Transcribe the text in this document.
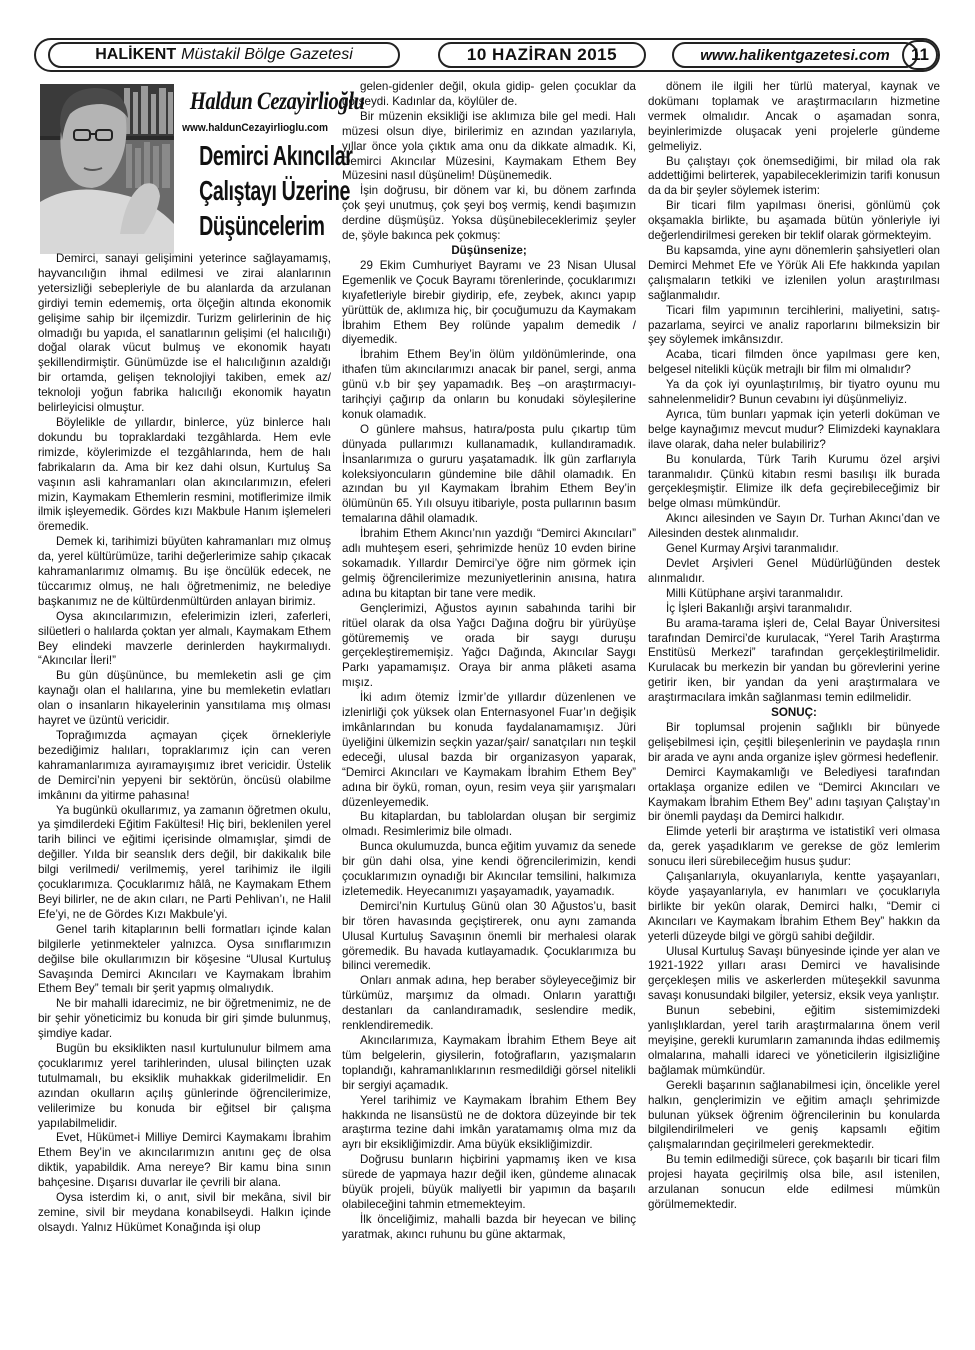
HALİKENT Müstakil Bölge Gazetesi	10 HAZİRAN 2015	www.halikentgazetesi.com	11
Haldun Cezayirlioğlu
www.haldunCezayirlioglu.com
Demirci Akıncılar
Çalıştayı Üzerine
Düşüncelerim

Demirci, sanayi gelişimini yeterince sağlayamamış, hayvancılığın ihmal edilmesi ve zirai alanlarının yetersizliği sebepleriyle de bu alanlarda da arzulanan girdiyi temin edememiş, orta ölçeğin altında ekonomik gelişime sahip bir ilçemizdir. Turizm gelirlerinin de hiç olmadığı bu yapıda, el sanatlarının gelişimi (el halıcılığı) doğal olarak vücut bulmuş ve ekonomik hayatı şekillendirmiştir. Günümüzde ise el halıcılığının azaldığı bir ortamda, gelişen teknolojiyi takiben, emek az/ teknoloji yoğun fabrika halıcılığı ekonomik hayatın belirleyicisi olmuştur.

Böylelikle de yıllardır, binlerce, yüz binlerce halı dokundu bu topraklardaki tezgâhlarda. Hem evle rimizde, köylerimizde el tezgâhlarında, hem de halı fabrikaların da. Ama bir kez dahi olsun, Kurtuluş Sa vaşının asli kahramanları olan akıncılarımızın, efeleri mizin, Kaymakam Ethemlerin resmini, motiflerimize ilmik ilmik işleyemedik. Gördes kızı Makbule Hanım işlemeleri öremedik.

Demek ki, tarihimizi büyüten kahramanları mız olmuş da, yerel kültürümüze, tarihi değerlerimize sahip çıkacak kahramanlarımız olmamış. Bu işe öncülük edecek, ne tüccarımız olmuş, ne halı öğretmenimiz, ne belediye başkanımız ne de kültürdenmültürden anlayan birimiz.

Oysa akıncılarımızın, efelerimizin izleri, zaferleri, silüetleri o halılarda çoktan yer almalı, Kaymakam Ethem Bey elindeki mavzerle derinlerden haykırmalıydı. “Akıncılar İleri!”

Bu gün düşününce, bu memleketin asli ge çim kaynağı olan el halılarına, yine bu memleketin evlatları olan o insanların hikayelerinin yansıtılama mış olması hayret ve üzüntü vericidir.

Toprağımızda açmayan çiçek örnekleriyle bezediğimiz halıları, topraklarımız için can veren kahramanlarımıza ayıramayışımız ibret vericidir. Üstelik de Demirci’nin yepyeni bir sektörün, öncüsü olabilme imkânını da yitirme pahasına!

Ya bugünkü okullarımız, ya zamanın öğretmen okulu, ya şimdilerdeki Eğitim Fakültesi! Hiç biri, beklenilen yerel tarih bilinci ve eğitimi içerisinde olmamışlar, şimdi de değiller. Yılda bir seanslık ders değil, bir dakikalık bile bilgi verilmedi/ verilmemiş, yerel tarihimiz ile ilgili çocuklarımıza. Çocuklarımız hâlâ, ne Kaymakam Ethem Beyi bilirler, ne de akın cıları, ne Parti Pehlivan’ı, ne Halil Efe’yi, ne de Gördes Kızı Makbule’yi.

Genel tarih kitaplarının belli formatları içinde kalan bilgilerle yetinmekteler yalnızca. Oysa sınıflarımızın değilse bile okullarımızın bir köşesine “Ulusal Kurtuluş Savaşında Demirci Akıncıları ve Kaymakam İbrahim Ethem Bey” temalı bir şerit yapmış olmalıydık.

Ne bir mahalli idarecimiz, ne bir öğretmenimiz, ne de bir şehir yöneticimiz bu konuda bir giri şimde bulunmuş, şimdiye kadar.

Bugün bu eksiklikten nasıl kurtulunulur bilmem ama çocuklarımız yerel tarihlerinden, ulusal bilinçten uzak tutulmamalı, bu eksiklik muhakkak giderilmelidir. En azından okulların açılış günlerinde öğrencilerimize, velilerimize bu konuda bir eğitsel bir çalışma yapılabilmelidir.

Evet, Hükümet-i Milliye Demirci Kaymakamı İbrahim Ethem Bey’in ve akıncılarımızın anıtını geç de olsa diktik, yapabildik. Ama nereye? Bir kamu bina sının bahçesine. Dışarısı duvarlar ile çevrili bir alana.

Oysa isterdim ki, o anıt, sivil bir mekâna, sivil bir zemine, sivil bir meydana konabilseydi. Halkın içinde olsaydı. Yalnız Hükümet Konağında işi olup

gelen-gidenler değil, okula gidip- gelen çocuklar da görseydi. Kadınlar da, köylüler de.

Bir müzenin eksikliği ise aklımıza bile gel medi. Halı müzesi olsun diye, birilerimiz en azından yazılarıyla, yıllar önce yola çıktık ama onu da dikkate almadık. Ki, Demirci Akıncılar Müzesini, Kaymakam Ethem Bey Müzesini nasıl düşünelim! Düşünemedik.

İşin doğrusu, bir dönem var ki, bu dönem zarfında çok şeyi unutmuş, çok şeyi boş vermiş, kendi başımızın derdine düşmüşüz. Yoksa düşünebileceklerimiz şeyler de, şöyle bakınca pek çokmuş:

Düşünsenize;

29 Ekim Cumhuriyet Bayramı ve 23 Nisan Ulusal Egemenlik ve Çocuk Bayramı törenlerinde, çocuklarımızı kıyafetleriyle birebir giydirip, efe, zeybek, akıncı yapıp yürüttük de, aklımıza hiç, bir çocuğumuzu da Kaymakam İbrahim Ethem Bey rolünde yapalım demedik / diyemedik.

İbrahim Ethem Bey’in ölüm yıldönümlerinde, ona ithafen tüm akıncılarımızı anacak bir panel, sergi, anma günü v.b bir şey yapamadık. Beş –on araştırmacıyı- tarihçiyi çağırıp da onların bu konudaki söyleşilerine konuk olamadık.

O günlere mahsus, hatıra/posta pulu çıkartıp tüm dünyada pullarımızı kullanamadık, kullandıramadık. İnsanlarımıza o gururu yaşatamadık. İlk gün zarflarıyla koleksiyoncuların gündemine bile dâhil olamadık. En azından bu yıl Kaymakam İbrahim Ethem Bey’in ölümünün 65. Yılı olsuyu itibariyle, posta pullarının basım temalarına dâhil olamadık.

İbrahim Ethem Akıncı’nın yazdığı “Demirci Akıncıları” adlı muhteşem eseri, şehrimizde henüz 10 evden birine sokamadık. Yıllardır Demirci’ye öğre nim görmek için gelmiş öğrencilerimize mezuniyetlerinin anısına, hatıra adına bu kitaptan bir tane vere medik.

Gençlerimizi, Ağustos ayının sabahında tarihi bir ritüel olarak da olsa Yağcı Dağına doğru bir yürüyüşe götürememiş ve orada bir saygı duruşu gerçekleştirememişiz. Yağcı Dağında, Akıncılar Saygı Parkı yapamamışız. Oraya bir anma plâketi asama mışız.

İki adım ötemiz İzmir’de yıllardır düzenlenen ve izlenirliği çok yüksek olan Enternasyonel Fuar’ın değişik imkânlarından bu konuda faydalanamamışız. Jüri üyeliğini ülkemizin seçkin yazar/şair/ sanatçıları nın teşkil edeceği, ulusal bazda bir organizasyon yaparak, “Demirci Akıncıları ve Kaymakam İbrahim Ethem Bey” adına bir öykü, roman, oyun, resim veya şiir yarışmaları düzenleyemedik.

Bu kitaplardan, bu tablolardan oluşan bir sergimiz olmadı. Resimlerimiz bile olmadı.

Bunca okulumuzda, bunca eğitim yuvamız da senede bir gün dahi olsa, yine kendi öğrencilerimizin, kendi çocuklarımızın oynadığı bir Akıncılar temsilini, halkımıza izletemedik. Heyecanımızı yaşayamadık, yayamadık.

Demirci’nin Kurtuluş Günü olan 30 Ağustos’u, basit bir tören havasında geçiştirerek, onu aynı zamanda Ulusal Kurtuluş Savaşının önemli bir merhalesi olarak göremedik. Bu havada kutlayamadık. Çocuklarımıza bu bilinci veremedik.

Onları anmak adına, hep beraber söyleyeceğimiz bir türkümüz, marşımız da olmadı. Onların yarattığı destanları da canlandıramadık, seslendire medik, renklendiremedik.

Akıncılarımıza, Kaymakam İbrahim Ethem Beye ait tüm belgelerin, giysilerin, fotoğrafların, yazışmaların toplandığı, kahramanlıklarının resmedildiği görsel nitelikli bir sergiyi açamadık.

Yerel tarihimiz ve Kaymakam İbrahim Ethem Bey hakkında ne lisansüstü ne de doktora düzeyinde bir tek araştırma tezine dahi imkân yaratamamış olma mız da ayrı bir eksikliğimizdir. Ama büyük eksikliğimizdir.

Doğrusu bunların hiçbirini yapmamış iken ve kısa sürede de yapmaya hazır değil iken, gündeme alınacak büyük projeli, büyük maliyetli bir yapımın da başarılı olabileceğini tahmin etmemekteyim.

İlk önceliğimiz, mahalli bazda bir heyecan ve bilinç yaratmak, akıncı ruhunu bu güne aktarmak,

dönem ile ilgili her türlü materyal, kaynak ve dokümanı toplamak ve araştırmacıların hizmetine vermek olmalıdır. Ancak o aşamadan sonra, beyinlerimizde oluşacak yeni projelerle gündeme gelmeliyiz.

Bu çalıştayı çok önemsediğimi, bir milad ola rak addettiğimi belirterek, yapabileceklerimizin tarifi konusun da da bir şeyler söylemek isterim:

Bir ticari film yapılması önerisi, gönlümü çok okşamakla birlikte, bu aşamada bütün yönleriyle iyi değerlendirilmesi gereken bir teklif olarak görmekteyim.

Bu kapsamda, yine aynı dönemlerin şahsiyetleri olan Demirci Mehmet Efe ve Yörük Ali Efe hakkında yapılan çalışmaların tetkiki ve izlenilen yolun araştırılması sağlanmalıdır.

Ticari film yapımının tercihlerini, maliyetini, satış- pazarlama, seyirci ve analiz raporlarını bilmeksizin bir şey söylemek imkânsızdır.

Acaba, ticari filmden önce yapılması gere ken, belgesel nitelikli küçük metrajlı bir film mi olmalıdır?

Ya da çok iyi oyunlaştırılmış, bir tiyatro oyunu mu sahnelenmelidir? Bunun cevabını iyi düşünmeliyiz.

Ayrıca, tüm bunları yapmak için yeterli doküman ve belge kaynağımız mevcut mudur? Elimizdeki kaynaklara ilave olarak, daha neler bulabiliriz?

Bu konularda, Türk Tarih Kurumu özel arşivi taranmalıdır. Çünkü kitabın resmi basılışı ilk burada gerçekleşmiştir. Elimize ilk defa geçirebileceğimiz bir belge olması mümkündür.

Akıncı ailesinden ve Sayın Dr. Turhan Akıncı’dan ve Ailesinden destek alınmalıdır.

Genel Kurmay Arşivi taranmalıdır.

Devlet Arşivleri Genel Müdürlüğünden destek alınmalıdır.

Milli Kütüphane arşivi taranmalıdır.

İç İşleri Bakanlığı arşivi taranmalıdır.

Bu arama-tarama işleri de, Celal Bayar Üniversitesi tarafından Demirci’de kurulacak, “Yerel Tarih Araştırma Enstitüsü Merkezi” tarafından gerçekleştirilmelidir. Kurulacak bu merkezin bir yandan bu görevlerini yerine getirir iken, bir yandan da yeni araştırmalara ve araştırmacılara imkân sağlanması temin edilmelidir.

SONUÇ:

Bir toplumsal projenin sağlıklı bir bünyede gelişebilmesi için, çeşitli bileşenlerinin ve paydaşla rının bir arada ve aynı anda organize işlev görmesi hedeflenir.

Demirci Kaymakamlığı ve Belediyesi tarafından ortaklaşa organize edilen ve “Demirci Akıncıları ve Kaymakam İbrahim Ethem Bey” adını taşıyan Çalıştay’ın bir önemli paydaşı da Demirci halkıdır.

Elimde yeterli bir araştırma ve istatistikî veri olmasa da, gerek yaşadıklarım ve gerekse de göz lemlerim sonucu ileri sürebileceğim husus şudur:

Çalışanlarıyla, okuyanlarıyla, kentte yaşayanları, köyde yaşayanlarıyla, ev hanımları ve çocuklarıyla birlikte bir yekûn olarak, Demirci halkı, “Demir ci Akıncıları ve Kaymakam İbrahim Ethem Bey” hakkın da yeterli düzeyde bilgi ve görgü sahibi değildir.

Ulusal Kurtuluş Savaşı bünyesinde içinde yer alan ve 1921-1922 yılları arası Demirci ve havalisinde gerçekleşen milis ve askerlerden müteşekkil savunma savaşı konusundaki bilgiler, yetersiz, eksik veya yanlıştır.

Bunun sebebini, eğitim sistemimizdeki yanlışlıklardan, yerel tarih araştırmalarına önem veril meyişine, gerekli kurumların zamanında ihdas edilmemiş olmalarına, mahalli idareci ve yöneticilerin ilgisizliğine bağlamak mümkündür.

Gerekli başarının sağlanabilmesi için, öncelikle yerel halkın, gençlerimizin ve eğitim amaçlı şehrimizde bulunan yüksek öğrenim öğrencilerinin bu konularda bilgilendirilmeleri ve geniş kapsamlı eğitim çalışmalarından geçirilmeleri gerekmektedir.

Bu temin edilmediği sürece, çok başarılı bir ticari film projesi hayata geçirilmiş olsa bile, asıl istenilen, arzulanan sonucun elde edilmesi mümkün görülmemektedir.
